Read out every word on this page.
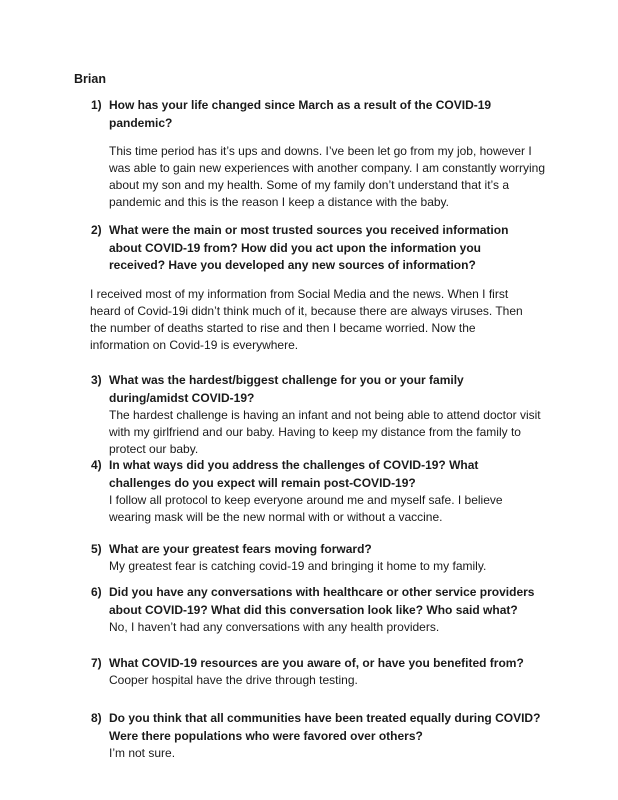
Brian
1) How has your life changed since March as a result of the COVID-19 pandemic?
This time period has it’s ups and downs. I’ve been let go from my job, however I was able to gain new experiences with another company. I am constantly worrying about my son and my health. Some of my family don’t understand that it’s a pandemic and this is the reason I keep a distance with the baby.
2) What were the main or most trusted sources you received information about COVID-19 from? How did you act upon the information you received? Have you developed any new sources of information?
I received most of my information from Social Media and the news. When I first heard of Covid-19i didn’t think much of it, because there are always viruses. Then the number of deaths started to rise and then I became worried. Now the information on Covid-19 is everywhere.
3) What was the hardest/biggest challenge for you or your family during/amidst COVID-19?
The hardest challenge is having an infant and not being able to attend doctor visit with my girlfriend and our baby. Having to keep my distance from the family to protect our baby.
4) In what ways did you address the challenges of COVID-19? What challenges do you expect will remain post-COVID-19?
I follow all protocol to keep everyone around me and myself safe. I believe wearing mask will be the new normal with or without a vaccine.
5) What are your greatest fears moving forward?
My greatest fear is catching covid-19 and bringing it home to my family.
6) Did you have any conversations with healthcare or other service providers about COVID-19? What did this conversation look like? Who said what?
No, I haven’t had any conversations with any health providers.
7) What COVID-19 resources are you aware of, or have you benefited from?
Cooper hospital have the drive through testing.
8) Do you think that all communities have been treated equally during COVID? Were there populations who were favored over others?
I’m not sure.
